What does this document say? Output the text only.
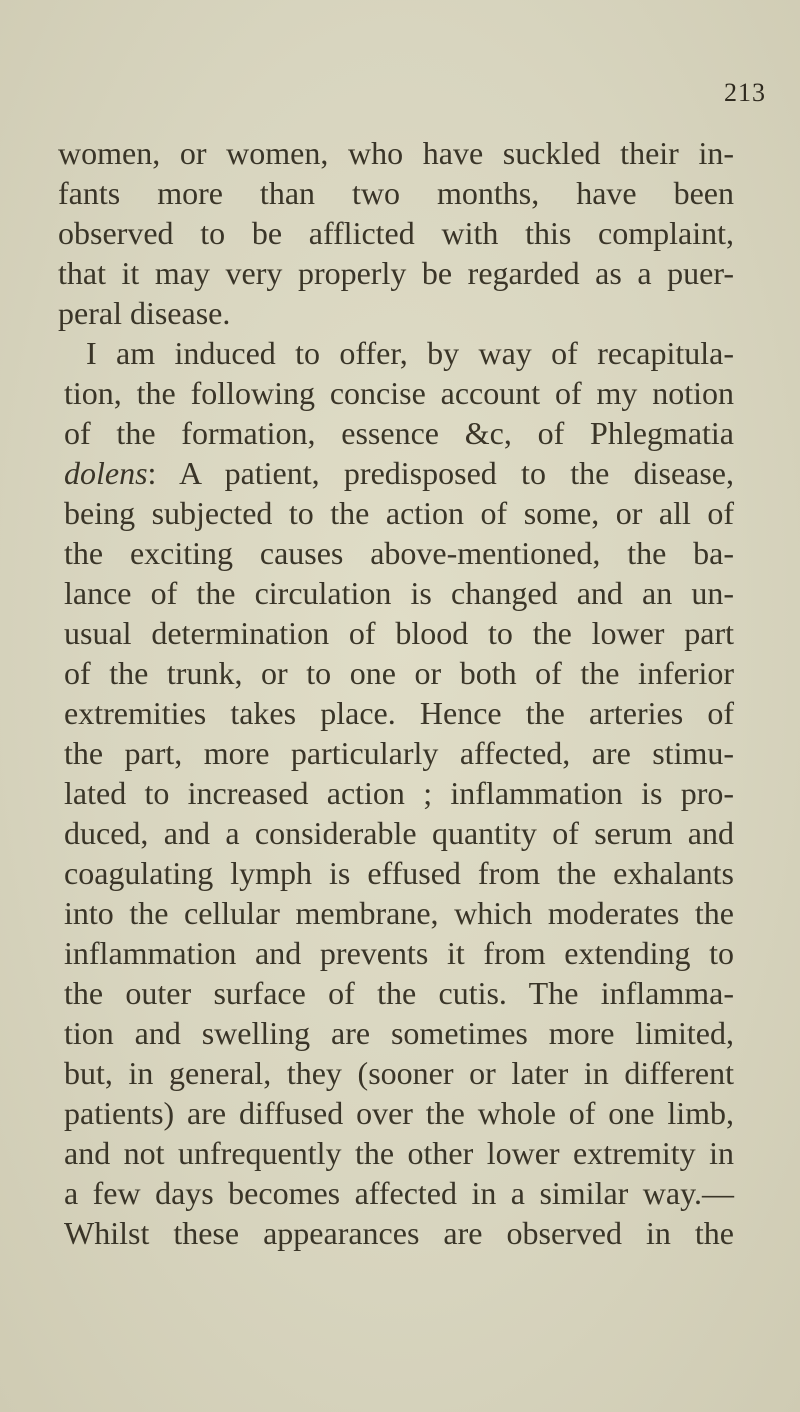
213
women, or women, who have suckled their in-
fants more than two months, have been
observed to be afflicted with this complaint,
that it may very properly be regarded as a puer-
peral disease.
I am induced to offer, by way of recapitula-
tion, the following concise account of my notion
of the formation, essence &c, of Phlegmatia
dolens: A patient, predisposed to the disease,
being subjected to the action of some, or all of
the exciting causes above-mentioned, the ba-
lance of the circulation is changed and an un-
usual determination of blood to the lower part
of the trunk, or to one or both of the inferior
extremities takes place. Hence the arteries of
the part, more particularly affected, are stimu-
lated to increased action ; inflammation is pro-
duced, and a considerable quantity of serum and
coagulating lymph is effused from the exhalants
into the cellular membrane, which moderates the
inflammation and prevents it from extending to
the outer surface of the cutis. The inflamma-
tion and swelling are sometimes more limited,
but, in general, they (sooner or later in different
patients) are diffused over the whole of one limb,
and not unfrequently the other lower extremity in
a few days becomes affected in a similar way.—
Whilst these appearances are observed in the
